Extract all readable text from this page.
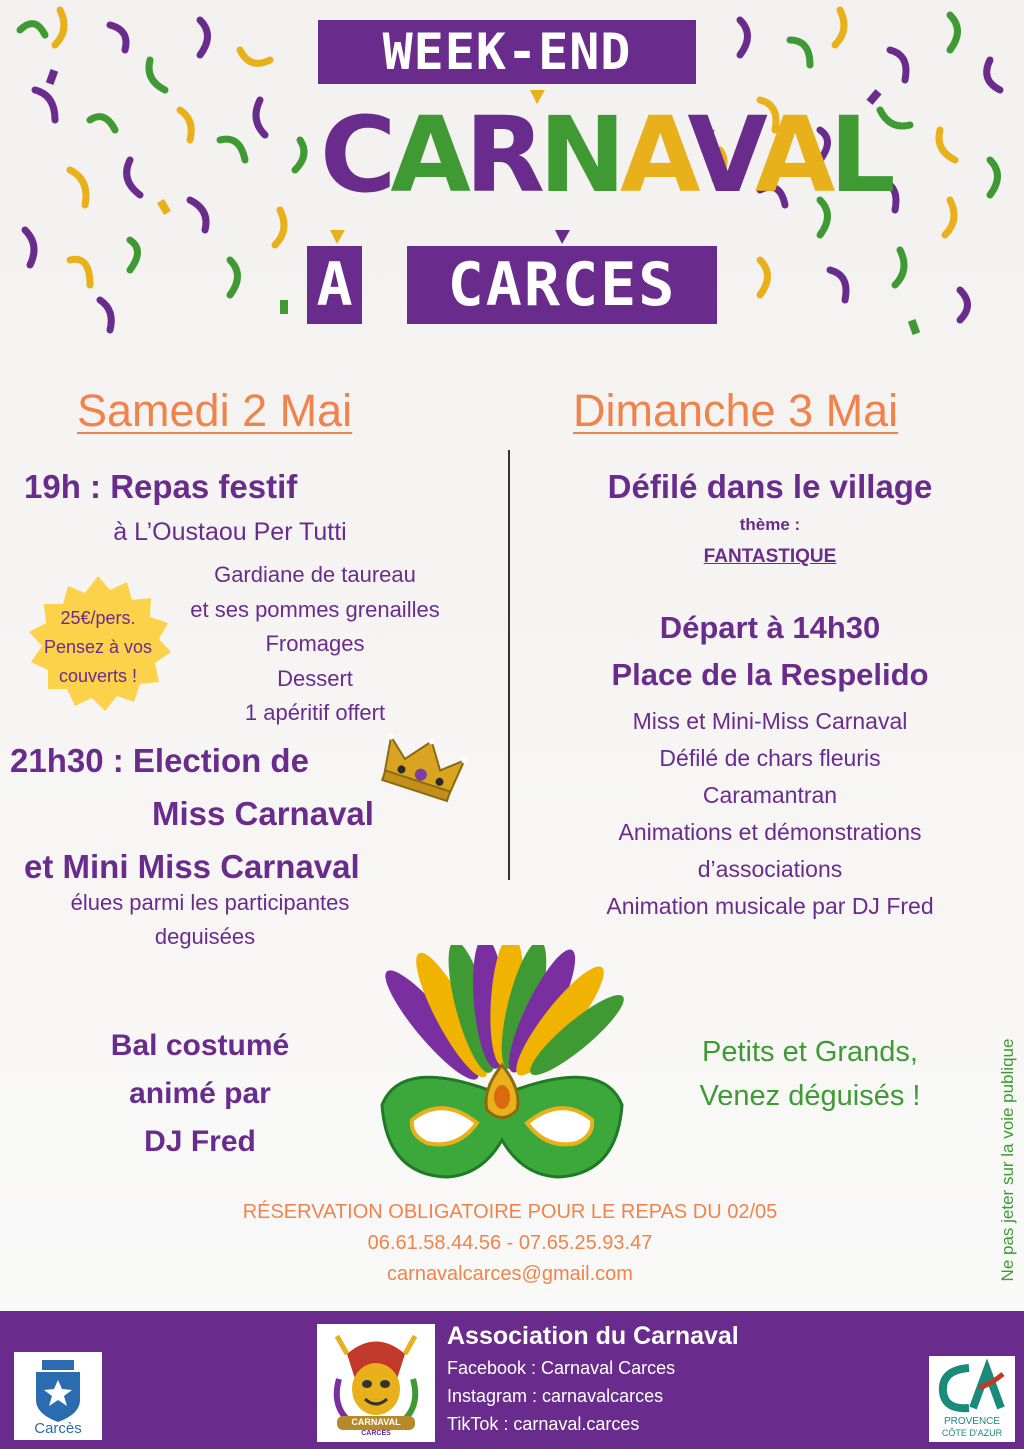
WEEK-END
CARNAVAL
A	CARCES
Samedi 2 Mai	Dimanche 3 Mai
19h : Repas festif
à L’Oustaou Per Tutti
Gardiane de taureau
et ses pommes grenailles
Fromages
Dessert
1 apéritif offert
25€/pers.
Pensez à vos
couverts !
21h30 : Election de
Miss Carnaval
et Mini Miss Carnaval
élues parmi les participantes
deguisées
Défilé dans le village
thème :
FANTASTIQUE
Départ à 14h30
Place de la Respelido
Miss et Mini-Miss Carnaval
Défilé de chars fleuris
Caramantran
Animations et démonstrations
d’associations
Animation musicale par DJ Fred
Bal costumé
animé par
DJ Fred
Petits et Grands,
Venez déguisés !
RÉSERVATION OBLIGATOIRE POUR LE REPAS DU 02/05
06.61.58.44.56 - 07.65.25.93.47
carnavalcarces@gmail.com	Ne pas jeter sur la voie publique
Carcès	CARNAVAL
CARCÈS
Association du Carnaval
Facebook : Carnaval Carces
Instagram : carnavalcarces
TikTok : carnaval.carces	PROVENCE
CÔTE D'AZUR
